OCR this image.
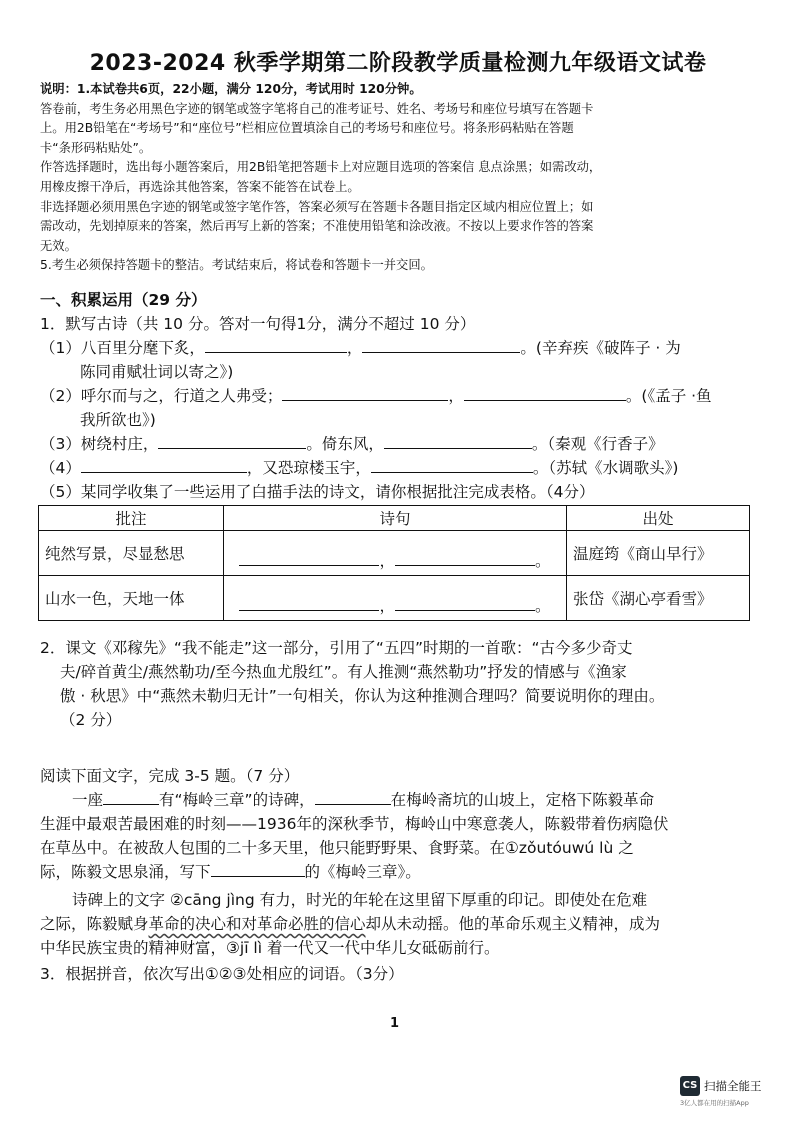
2023-2024 秋季学期第二阶段教学质量检测九年级语文试卷

说明：1.本试卷共6页，22小题，满分 120分，考试用时 120分钟。

答卷前，考生务必用黑色字迹的钢笔或签字笔将自己的准考证号、姓名、考场号和座位号填写在答题卡

上。用2B铅笔在“考场号”和“座位号”栏相应位置填涂自己的考场号和座位号。将条形码粘贴在答题

卡“条形码粘贴处”。

作答选择题时，选出每小题答案后，用2B铅笔把答题卡上对应题目选项的答案信 息点涂黑；如需改动，

用橡皮擦干净后，再选涂其他答案，答案不能答在试卷上。

非选择题必须用黑色字迹的钢笔或签字笔作答，答案必须写在答题卡各题目指定区域内相应位置上；如

需改动，先划掉原来的答案，然后再写上新的答案；不准使用铅笔和涂改液。不按以上要求作答的答案

无效。

5.考生必须保持答题卡的整洁。考试结束后，将试卷和答题卡一并交回。

一、积累运用（29 分）
1．默写古诗（共 10 分。答对一句得1分，满分不超过 10 分）
（1）八百里分麾下炙，	，	。(辛弃疾《破阵子 · 为
陈同甫赋壮词以寄之》)
（2）呼尔而与之，行道之人弗受；	，	。(《孟子 ·鱼
我所欲也》)
（3）树绕村庄，	。倚东风，	。（秦观《行香子》
（4）	，又恐琼楼玉宇，	。（苏轼《水调歌头》)
（5）某同学收集了一些运用了白描手法的诗文，请你根据批注完成表格。（4分）
批注	诗句	出处
纯然写景，尽显愁思	， 。	温庭筠《商山早行》
山水一色，天地一体	， 。	张岱《湖心亭看雪》
2．课文《邓稼先》“我不能走”这一部分，引用了“五四”时期的一首歌：“古今多少奇丈
夫/碎首黄尘/燕然勒功/至今热血尤殷红”。有人推测“燕然勒功”抒发的情感与《渔家
傲 · 秋思》中“燕然未勒归无计”一句相关，你认为这种推测合理吗？简要说明你的理由。
（2 分）
阅读下面文字，完成 3-5 题。（7 分）
一座	有“梅岭三章”的诗碑，	在梅岭斋坑的山坡上，定格下陈毅革命
生涯中最艰苦最困难的时刻——1936年的深秋季节，梅岭山中寒意袭人，陈毅带着伤病隐伏
在草丛中。在被敌人包围的二十多天里，他只能野野果、食野菜。在①zǒutóuwú lù 之
际，陈毅文思泉涌，写下	的《梅岭三章》。
诗碑上的文字 ②cāng jìng 有力，时光的年轮在这里留下厚重的印记。即使处在危难
之际，陈毅赋身革命的决心和对革命必胜的信心却从未动摇。他的革命乐观主义精神，成为
中华民族宝贵的精神财富，③jī lì 着一代又一代中华儿女砥砺前行。
3．根据拼音，依次写出①②③处相应的词语。（3分）
1
CS 扫描全能王
3亿人都在用的扫描App
